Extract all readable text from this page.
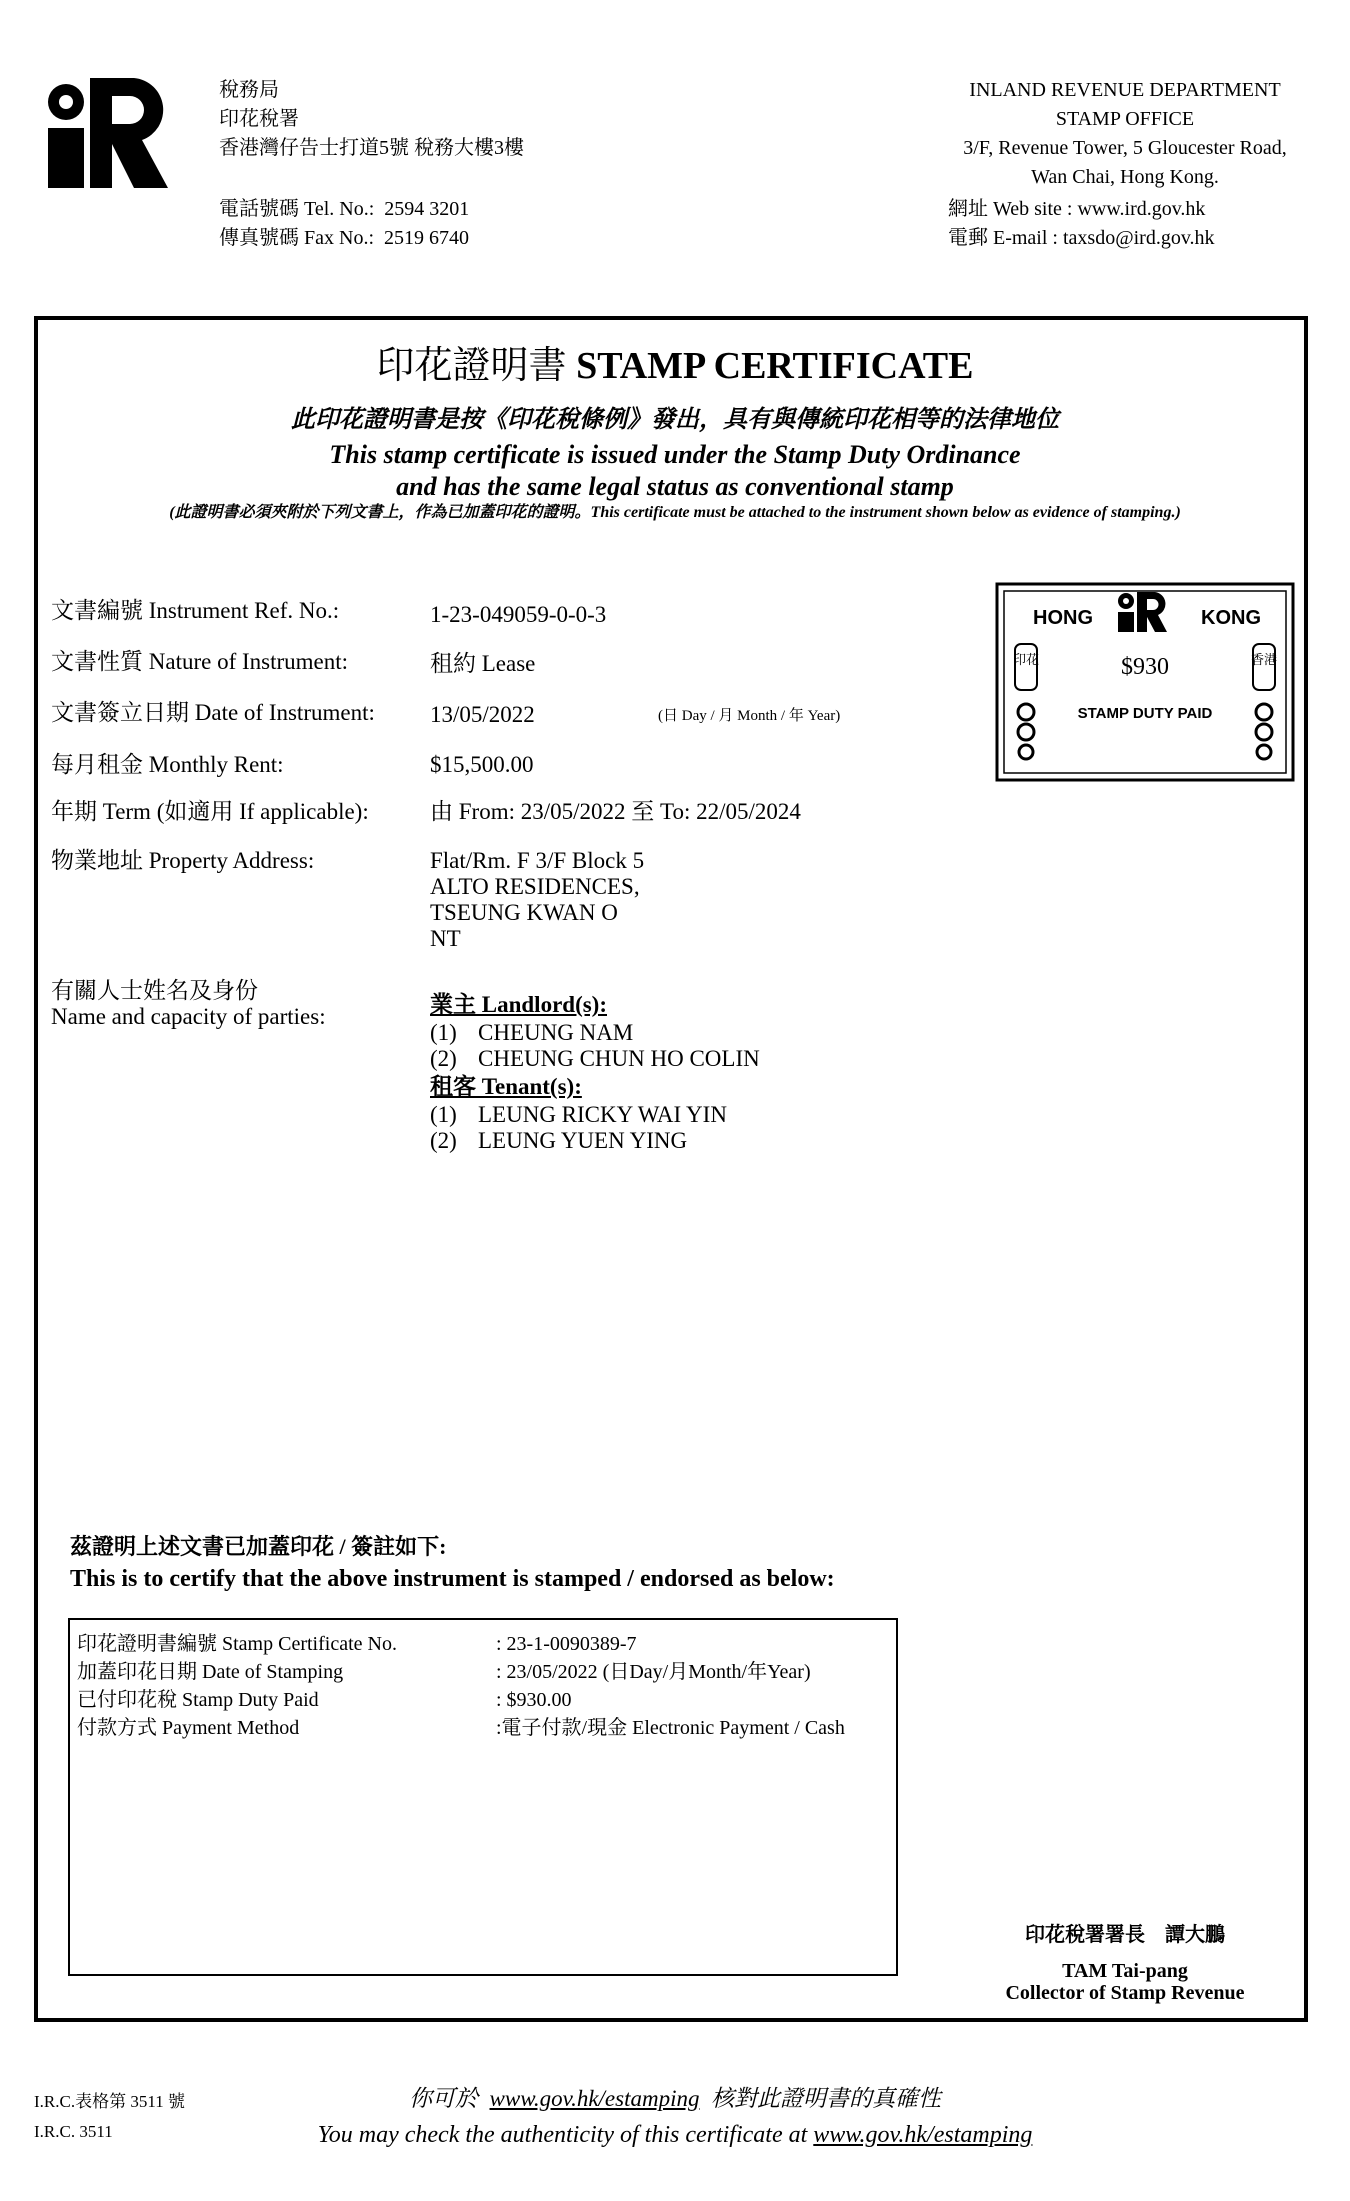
稅務局
印花稅署
香港灣仔告士打道5號 稅務大樓3樓
INLAND REVENUE DEPARTMENT
STAMP OFFICE
3/F, Revenue Tower, 5 Gloucester Road,
Wan Chai, Hong Kong.
電話號碼 Tel. No.: 2594 3201
傳真號碼 Fax No.: 2519 6740
網址 Web site : www.ird.gov.hk
電郵 E-mail : taxsdo@ird.gov.hk
印花證明書 STAMP CERTIFICATE
此印花證明書是按《印花稅條例》發出，具有與傳統印花相等的法律地位
This stamp certificate is issued under the Stamp Duty Ordinance
and has the same legal status as conventional stamp
(此證明書必須夾附於下列文書上，作為已加蓋印花的證明。This certificate must be attached to the instrument shown below as evidence of stamping.)
文書編號 Instrument Ref. No.:	1-23-049059-0-0-3
文書性質 Nature of Instrument:	租約 Lease
文書簽立日期 Date of Instrument: 13/05/2022	(日 Day / 月 Month / 年 Year)
每月租金 Monthly Rent:	$15,500.00
年期 Term (如適用 If applicable):	由 From: 23/05/2022 至 To: 22/05/2024
物業地址 Property Address:	Flat/Rm. F 3/F Block 5
ALTO RESIDENCES,
TSEUNG KWAN O
NT
有關人士姓名及身份
Name and capacity of parties:	業主 Landlord(s):
(1) CHEUNG NAM
(2) CHEUNG CHUN HO COLIN
租客 Tenant(s):
(1) LEUNG RICKY WAI YIN
(2) LEUNG YUEN YING
HONG	KONG
$930
STAMP DUTY PAID
印花	香港
茲證明上述文書已加蓋印花 / 簽註如下:
This is to certify that the above instrument is stamped / endorsed as below:
印花證明書編號 Stamp Certificate No.	: 23-1-0090389-7
加蓋印花日期 Date of Stamping	: 23/05/2022 (日Day/月Month/年Year)
已付印花稅 Stamp Duty Paid	: $930.00
付款方式 Payment Method	:電子付款/現金 Electronic Payment / Cash
印花稅署署長    譚大鵬
TAM Tai-pang
Collector of Stamp Revenue
I.R.C.表格第 3511 號
I.R.C. 3511
你可於 www.gov.hk/estamping 核對此證明書的真確性
You may check the authenticity of this certificate at www.gov.hk/estamping
